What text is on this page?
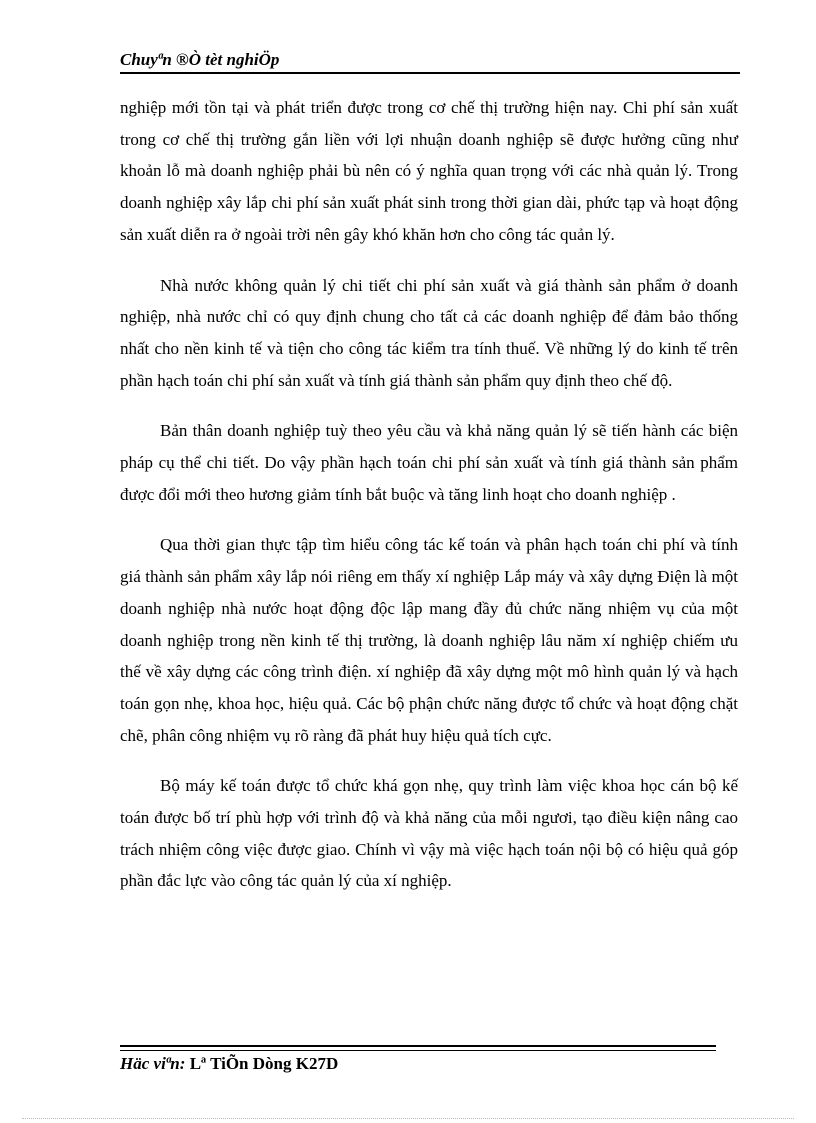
Chuyªn ®Ò tèt nghiÖp

nghiệp mới tồn tại và phát triển được trong cơ chế thị trường hiện nay. Chi phí sản xuất trong cơ chế thị trường gắn liền với lợi nhuận doanh nghiệp sẽ được hưởng cũng như khoản lỗ mà doanh nghiệp phải bù nên có ý nghĩa quan trọng với các nhà quản lý. Trong doanh nghiệp xây lắp chi phí sản xuất phát sinh trong thời gian dài, phức tạp và hoạt động sản xuất diễn ra ở ngoài trời nên gây khó khăn hơn cho công tác quản lý.

Nhà nước không quản lý chi tiết chi phí sản xuất và giá thành sản phẩm ở doanh nghiệp, nhà nước chỉ có quy định chung cho tất cả các doanh nghiệp để đảm bảo thống nhất cho nền kinh tế và tiện cho công tác kiểm tra tính thuế. Về những lý do kinh tế trên phần hạch toán chi phí sản xuất và tính giá thành sản phẩm quy định theo chế độ.

Bản thân doanh nghiệp tuỳ theo yêu cầu và khả năng quản lý sẽ tiến hành các biện pháp cụ thể chi tiết. Do vậy phần hạch toán chi phí sản xuất và tính giá thành sản phẩm được đổi mới theo hương giảm tính bắt buộc và tăng linh hoạt cho doanh nghiệp .

Qua thời gian thực tập tìm hiểu công tác kế toán và phân hạch toán chi phí và tính giá thành sản phẩm xây lắp nói riêng em thấy xí nghiệp Lắp máy và xây dựng Điện là một doanh nghiệp nhà nước hoạt động độc lập mang đầy đủ chức năng nhiệm vụ của một doanh nghiệp trong nền kinh tế thị trường, là doanh nghiệp lâu năm xí nghiệp chiếm ưu thế về xây dựng các công trình điện. xí nghiệp đã xây dựng một mô hình quản lý và hạch toán gọn nhẹ, khoa học, hiệu quả. Các bộ phận chức năng được tổ chức và hoạt động chặt chẽ, phân công nhiệm vụ rõ ràng đã phát huy hiệu quả tích cực.

Bộ máy kế toán được tổ chức khá gọn nhẹ, quy trình làm việc khoa học cán bộ kế toán được bố trí phù hợp với trình độ và khả năng của mỗi ngươi, tạo điều kiện nâng cao trách nhiệm công việc được giao. Chính vì vậy mà việc hạch toán nội bộ có hiệu quả góp phần đắc lực vào công tác quản lý của xí nghiệp.

Häc viªn: Lª TiÕn Dòng K27D
